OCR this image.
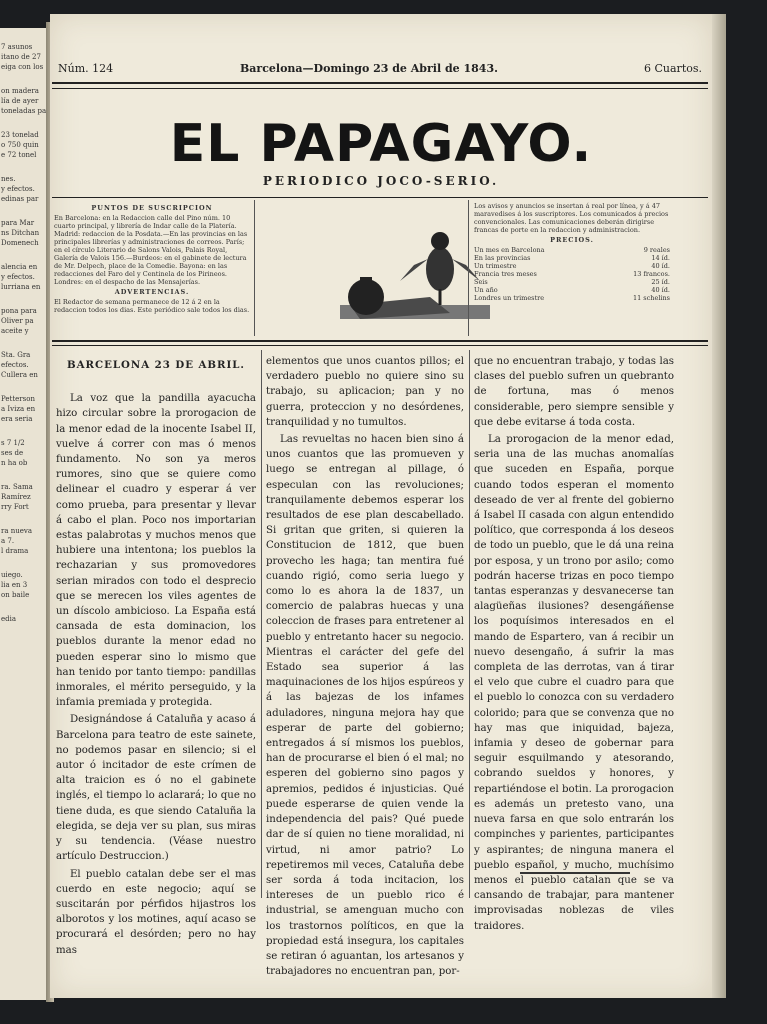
7 asunos
itano de 27
eiga con los
on madera
lía de ayer
toneladas pa
23 tonelad
o 750 quin
e 72 tonel
nes.
y efectos.
edinas par
para Mar
ns Ditchan
Domenech
alencia en
y efectos.
lurriana en
pona para
Oliver pa
aceite y
Sta. Gra
efectos.
Cullera en
Petterson
a Iviza en
era seria
s 7 1/2
ses de
n ha ob
ra. Sama
Ramírez
rry Fort
ra nueva
a 7.
l drama
uiego.
lia en 3
on baile
edia
Núm. 124	Barcelona—Domingo 23 de Abril de 1843.	6 Cuartos.
EL PAPAGAYO.
PERIODICO JOCO-SERIO.
PUNTOS DE SUSCRIPCION
En Barcelona: en la Redaccion calle del Pino núm. 10 cuarto principal, y librería de Indar calle de la Platería. Madrid: redaccion de la Posdata.—En las provincias en las principales librerías y administraciones de correos. París; en el círculo Literario de Salons Valois, Palais Royal, Galería de Valois 156.—Burdeos: en el gabinete de lectura de Mr. Delpech, place de la Comedie. Bayona: en las redacciones del Faro del y Centinela de los Pirineos. Londres: en el despacho de las Mensajerías.
ADVERTENCIAS.
El Redactor de semana permanece de 12 á 2 en la redaccion todos los dias. Este periódico sale todos los dias.
Los avisos y anuncios se insertan á real por línea, y á 47 maravedises á los suscriptores. Los comunicados á precios convencionales. Las comunicaciones deberán dirigirse francas de porte en la redaccion y administracion.
PRECIOS.
Un mes en Barcelona	9 reales
En las provincias	14 íd.
Un trimestre	40 íd.
Francia tres meses	13 francos.
Seis	25 íd.
Un año	40 íd.
Londres un trimestre	11 schelins

BARCELONA 23 DE ABRIL.

La voz que la pandilla ayacucha hizo circular sobre la prorogacion de la menor edad de la inocente Isabel II, vuelve á correr con mas ó menos fundamento. No son ya meros rumores, sino que se quiere como delinear el cuadro y esperar á ver como prueba, para presentar y llevar á cabo el plan. Poco nos importarian estas palabrotas y muchos menos que hubiere una intentona; los pueblos la rechazarian y sus promovedores serian mirados con todo el desprecio que se merecen los viles agentes de un díscolo ambicioso. La España está cansada de esta dominacion, los pueblos durante la menor edad no pueden esperar sino lo mismo que han tenido por tanto tiempo: pandillas inmorales, el mérito perseguido, y la infamia premiada y protegida.

Designándose á Cataluña y acaso á Barcelona para teatro de este sainete, no podemos pasar en silencio; si el autor ó incitador de este crímen de alta traicion es ó no el gabinete inglés, el tiempo lo aclarará; lo que no tiene duda, es que siendo Cataluña la elegida, se deja ver su plan, sus miras y su tendencia. (Véase nuestro artículo Destruccion.)

El pueblo catalan debe ser el mas cuerdo en este negocio; aquí se suscitarán por pérfidos hijastros los alborotos y los motines, aquí acaso se procurará el desórden; pero no hay mas

elementos que unos cuantos pillos; el verdadero pueblo no quiere sino su trabajo, su aplicacion; pan y no guerra, proteccion y no desórdenes, tranquilidad y no tumultos.

Las revueltas no hacen bien sino á unos cuantos que las promueven y luego se entregan al pillage, ó especulan con las revoluciones; tranquilamente debemos esperar los resultados de ese plan descabellado. Si gritan que griten, si quieren la Constitucion de 1812, que buen provecho les haga; tan mentira fué cuando rigió, como seria luego y como lo es ahora la de 1837, un comercio de palabras huecas y una coleccion de frases para entretener al pueblo y entretanto hacer su negocio. Mientras el carácter del gefe del Estado sea superior á las maquinaciones de los hijos espúreos y á las bajezas de los infames aduladores, ninguna mejora hay que esperar de parte del gobierno; entregados á sí mismos los pueblos, han de procurarse el bien ó el mal; no esperen del gobierno sino pagos y apremios, pedidos é injusticias. Qué puede esperarse de quien vende la independencia del pais? Qué puede dar de sí quien no tiene moralidad, ni virtud, ni amor patrio? Lo repetiremos mil veces, Cataluña debe ser sorda á toda incitacion, los intereses de un pueblo rico é industrial, se amenguan mucho con los trastornos políticos, en que la propiedad está insegura, los capitales se retiran ó aguantan, los artesanos y trabajadores no encuentran pan, por-

que no encuentran trabajo, y todas las clases del pueblo sufren un quebranto de fortuna, mas ó menos considerable, pero siempre sensible y que debe evitarse á toda costa.

La prorogacion de la menor edad, seria una de las muchas anomalías que suceden en España, porque cuando todos esperan el momento deseado de ver al frente del gobierno á Isabel II casada con algun entendido político, que corresponda á los deseos de todo un pueblo, que le dá una reina por esposa, y un trono por asilo; como podrán hacerse trizas en poco tiempo tantas esperanzas y desvanecerse tan alagüeñas ilusiones? desengáñense los poquísimos interesados en el mando de Espartero, van á recibir un nuevo desengaño, á sufrir la mas completa de las derrotas, van á tirar el velo que cubre el cuadro para que el pueblo lo conozca con su verdadero colorido; para que se convenza que no hay mas que iniquidad, bajeza, infamia y deseo de gobernar para seguir esquilmando y atesorando, cobrando sueldos y honores, y repartiéndose el botin. La prorogacion es además un pretesto vano, una nueva farsa en que solo entrarán los compinches y parientes, participantes y aspirantes; de ninguna manera el pueblo español, y mucho, muchísimo menos el pueblo catalan que se va cansando de trabajar, para mantener improvisadas noblezas de viles traidores.
